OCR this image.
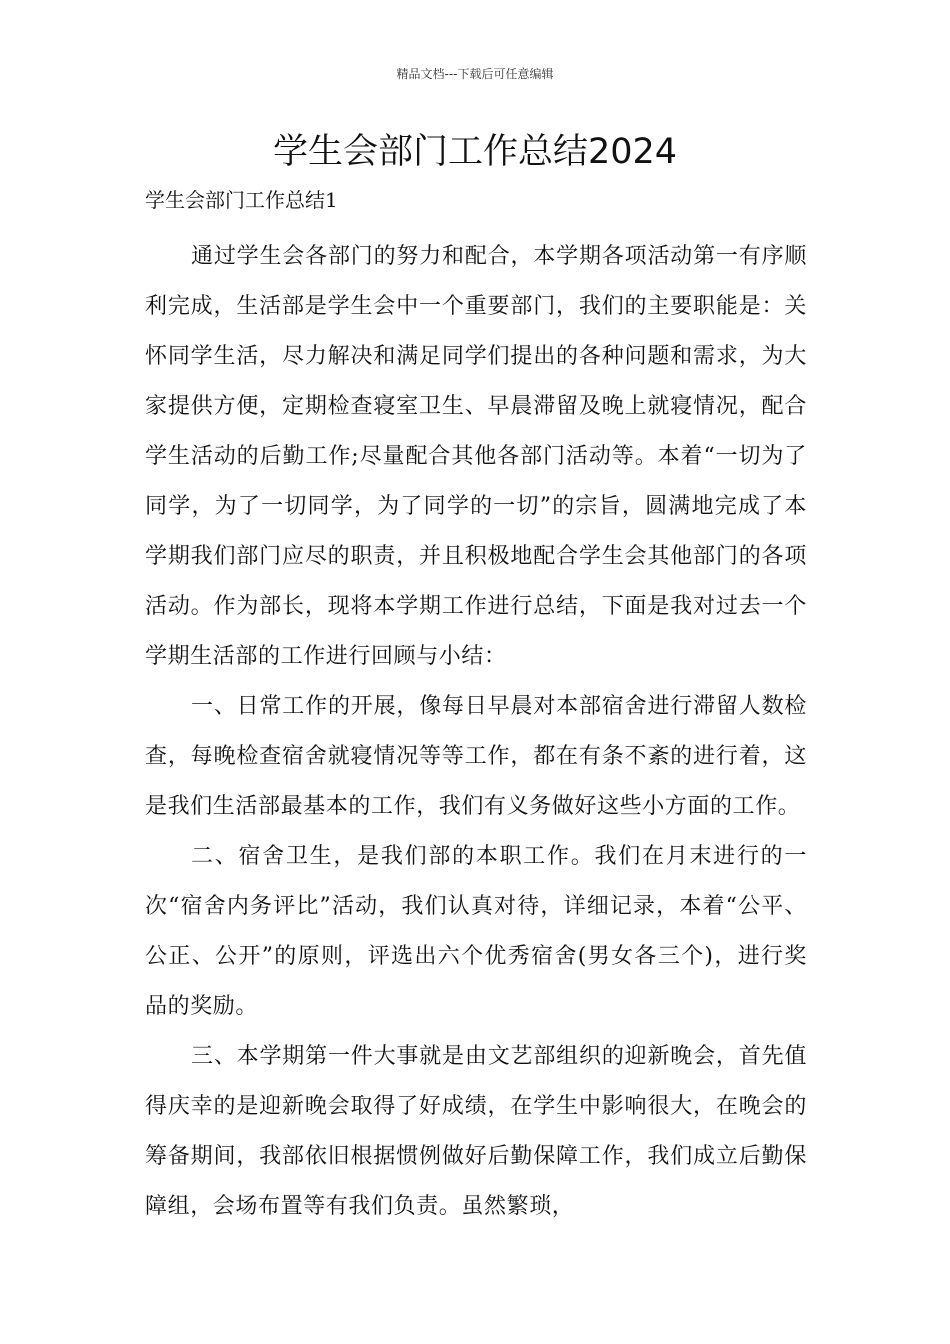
精品文档---下载后可任意编辑
学生会部门工作总结2024

学生会部门工作总结1

通过学生会各部门的努力和配合，本学期各项活动第一有序顺利完成，生活部是学生会中一个重要部门，我们的主要职能是：关怀同学生活，尽力解决和满足同学们提出的各种问题和需求，为大家提供方便，定期检查寝室卫生、早晨滞留及晚上就寝情况，配合学生活动的后勤工作;尽量配合其他各部门活动等。本着“一切为了同学，为了一切同学，为了同学的一切”的宗旨，圆满地完成了本学期我们部门应尽的职责，并且积极地配合学生会其他部门的各项活动。作为部长，现将本学期工作进行总结，下面是我对过去一个学期生活部的工作进行回顾与小结：

一、日常工作的开展，像每日早晨对本部宿舍进行滞留人数检查，每晚检查宿舍就寝情况等等工作，都在有条不紊的进行着，这是我们生活部最基本的工作，我们有义务做好这些小方面的工作。

二、宿舍卫生，是我们部的本职工作。我们在月末进行的一次“宿舍内务评比”活动，我们认真对待，详细记录，本着“公平、公正、公开”的原则，评选出六个优秀宿舍(男女各三个)，进行奖品的奖励。

三、本学期第一件大事就是由文艺部组织的迎新晚会，首先值得庆幸的是迎新晚会取得了好成绩，在学生中影响很大，在晚会的筹备期间，我部依旧根据惯例做好后勤保障工作，我们成立后勤保障组，会场布置等有我们负责。虽然繁琐，
